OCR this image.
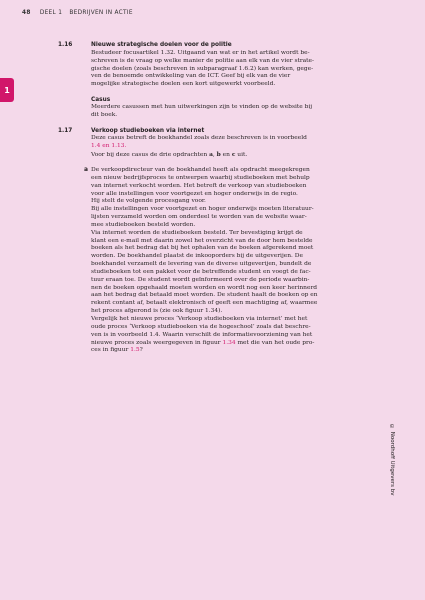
48 DEEL 1 BEDRIJVEN IN ACTIE
1
1.16	Nieuwe strategische doelen voor de politie
Bestudeer focusartikel 1.32. Uitgaand van wat er in het artikel wordt be-
schreven is de vraag op welke manier de politie aan elk van de vier strate-
gische doelen (zoals beschreven in subparagraaf 1.6.2) kan werken, gege-
ven de benoemde ontwikkeling van de ICT. Geef bij elk van de vier
mogelijke strategische doelen een kort uitgewerkt voorbeeld.
Casus
Meerdere casussen met hun uitwerkingen zijn te vinden op de website bij
dit boek.
1.17	Verkoop studieboeken via internet
Deze casus betreft de boekhandel zoals deze beschreven is in voorbeeld
1.4 en 1.13.
Voor bij deze casus de drie opdrachten a, b en c uit.
a De verkoopdirecteur van de boekhandel heeft als opdracht meegekregen
een nieuw bedrijfsproces te ontwerpen waarbij studieboeken met behulp
van internet verkocht worden. Het betreft de verkoop van studieboeken
voor alle instellingen voor voortgezet en hoger onderwijs in de regio.
Hij stelt de volgende procesgang voor.
Bij alle instellingen voor voortgezet en hoger onderwijs moeten literatuur-
lijsten verzameld worden om onderdeel te worden van de website waar-
mee studieboeken besteld worden.
Via internet worden de studieboeken besteld. Ter bevestiging krijgt de
klant een e-mail met daarin zowel het overzicht van de door hem bestelde
boeken als het bedrag dat bij het ophalen van de boeken afgerekend moet
worden. De boekhandel plaatst de inkooporders bij de uitgeverijen. De
boekhandel verzamelt de levering van de diverse uitgeverijen, bundelt de
studieboeken tot een pakket voor de betreffende student en voegt de fac-
tuur eraan toe. De student wordt geïnformeerd over de periode waarbin-
nen de boeken opgehaald moeten worden en wordt nog een keer herinnerd
aan het bedrag dat betaald moet worden. De student haalt de boeken op en
rekent contant af, betaalt elektronisch of geeft een machtiging af, waarmee
het proces afgerond is (zie ook figuur 1.34).
Vergelijk het nieuwe proces ‘Verkoop studieboeken via internet’ met het
oude proces ‘Verkoop studieboeken via de hogeschool’ zoals dat beschre-
ven is in voorbeeld 1.4. Waarin verschilt de informatievoorziening van het
nieuwe proces zoals weergegeven in figuur 1.34 met die van het oude pro-
ces in figuur 1.5?
© Noordhoff Uitgevers bv
